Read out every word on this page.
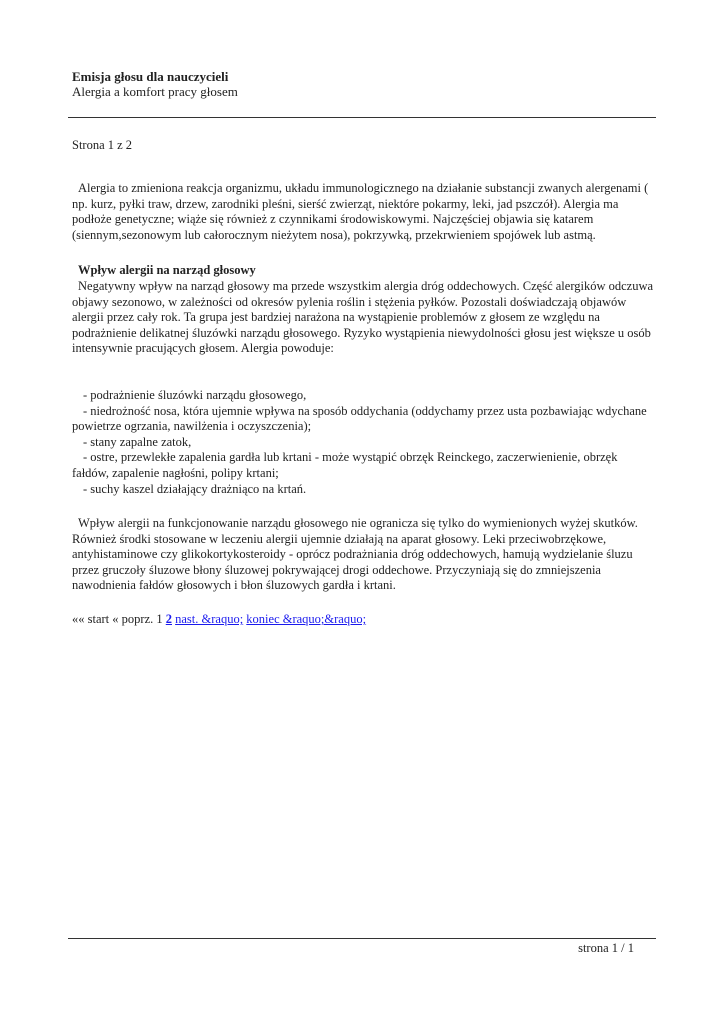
Emisja głosu dla nauczycieli

Alergia a komfort pracy głosem

Strona 1 z 2

Alergia to zmieniona reakcja organizmu, układu immunologicznego na działanie substancji zwanych alergenami ( np. kurz, pyłki traw, drzew, zarodniki pleśni, sierść zwierząt, niektóre pokarmy, leki, jad pszczół). Alergia ma podłoże genetyczne; wiąże się również z czynnikami środowiskowymi. Najczęściej objawia się katarem (siennym,sezonowym lub całorocznym nieżytem nosa), pokrzywką, przekrwieniem spojówek lub astmą.

Wpływ alergii na narząd głosowy

Negatywny wpływ na narząd głosowy ma przede wszystkim alergia dróg oddechowych. Część alergików odczuwa objawy sezonowo, w zależności od okresów pylenia roślin i stężenia pyłków. Pozostali doświadczają objawów alergii przez cały rok. Ta grupa jest bardziej narażona na wystąpienie problemów z głosem ze względu na podrażnienie delikatnej śluzówki narządu głosowego. Ryzyko wystąpienia niewydolności głosu jest większe u osób intensywnie pracujących głosem. Alergia powoduje:

- podrażnienie śluzówki narządu głosowego,
- niedrożność nosa, która ujemnie wpływa na sposób oddychania (oddychamy przez usta pozbawiając wdychane powietrze ogrzania, nawilżenia i oczyszczenia);
- stany zapalne zatok,
- ostre, przewlekłe zapalenia gardła lub krtani - może wystąpić obrzęk Reinckego, zaczerwienienie, obrzęk fałdów, zapalenie nagłośni, polipy krtani;
- suchy kaszel działający drażniąco na krtań.

Wpływ alergii na funkcjonowanie narządu głosowego nie ogranicza się tylko do wymienionych wyżej skutków. Również środki stosowane w leczeniu alergii ujemnie działają na aparat głosowy. Leki przeciwobrzękowe, antyhistaminowe czy glikokortykosteroidy - oprócz podrażniania dróg oddechowych, hamują wydzielanie śluzu przez gruczoły śluzowe błony śluzowej pokrywającej drogi oddechowe. Przyczyniają się do zmniejszenia nawodnienia fałdów głosowych i błon śluzowych gardła i krtani.

«« start « poprz. 1 2 nast. &raquo; koniec &raquo;&raquo;
strona 1 / 1
